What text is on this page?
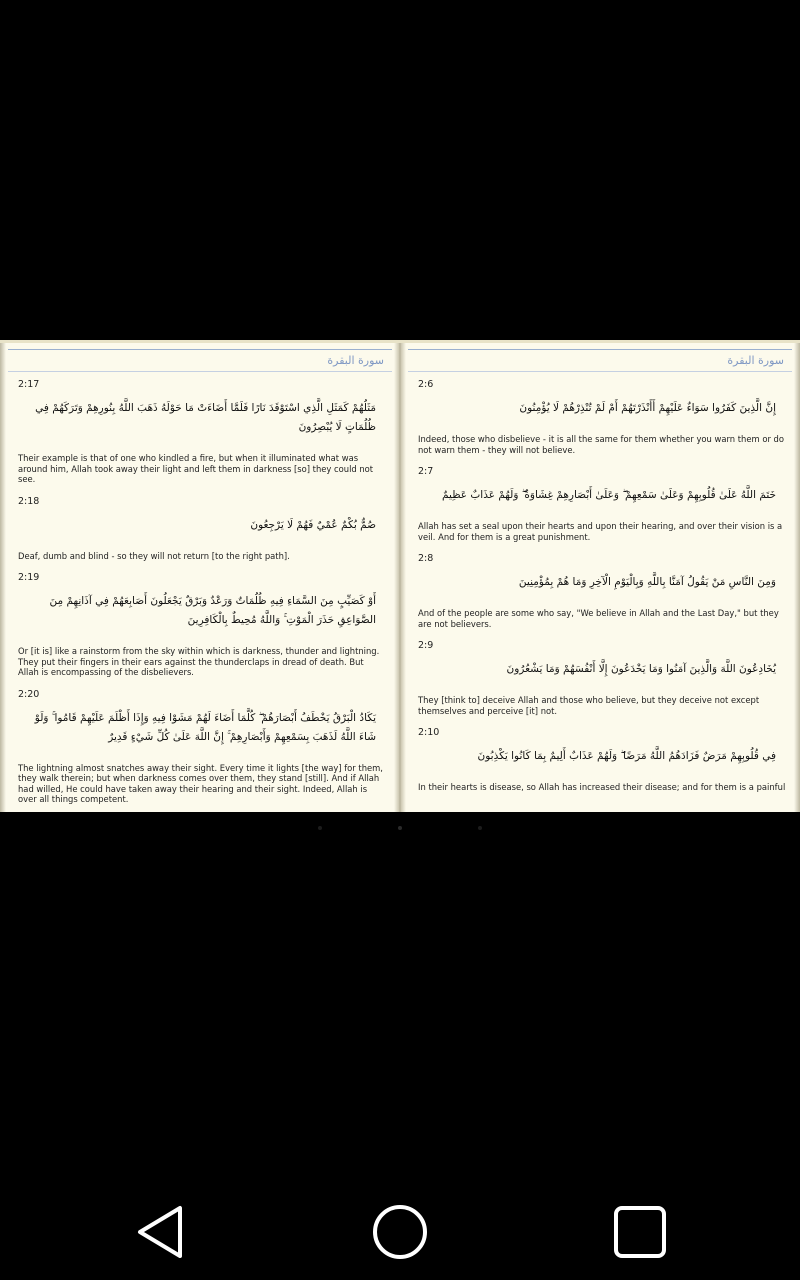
سورة البقرة
2:17
مَثَلُهُمْ كَمَثَلِ الَّذِي اسْتَوْقَدَ نَارًا فَلَمَّا أَضَاءَتْ مَا حَوْلَهُ ذَهَبَ اللَّهُ بِنُورِهِمْ وَتَرَكَهُمْ فِي ظُلُمَاتٍ لَا يُبْصِرُونَ
Their example is that of one who kindled a fire, but when it illuminated what was around him, Allah took away their light and left them in darkness [so] they could not see.
2:18
صُمٌّ بُكْمٌ عُمْيٌ فَهُمْ لَا يَرْجِعُونَ
Deaf, dumb and blind - so they will not return [to the right path].
2:19
أَوْ كَصَيِّبٍ مِنَ السَّمَاءِ فِيهِ ظُلُمَاتٌ وَرَعْدٌ وَبَرْقٌ يَجْعَلُونَ أَصَابِعَهُمْ فِي آذَانِهِمْ مِنَ الصَّوَاعِقِ حَذَرَ الْمَوْتِ ۚ وَاللَّهُ مُحِيطٌ بِالْكَافِرِينَ
Or [it is] like a rainstorm from the sky within which is darkness, thunder and lightning. They put their fingers in their ears against the thunderclaps in dread of death. But Allah is encompassing of the disbelievers.
2:20
يَكَادُ الْبَرْقُ يَخْطَفُ أَبْصَارَهُمْ ۖ كُلَّمَا أَضَاءَ لَهُمْ مَشَوْا فِيهِ وَإِذَا أَظْلَمَ عَلَيْهِمْ قَامُوا ۚ وَلَوْ شَاءَ اللَّهُ لَذَهَبَ بِسَمْعِهِمْ وَأَبْصَارِهِمْ ۚ إِنَّ اللَّهَ عَلَىٰ كُلِّ شَيْءٍ قَدِيرٌ
The lightning almost snatches away their sight. Every time it lights [the way] for them, they walk therein; but when darkness comes over them, they stand [still]. And if Allah had willed, He could have taken away their hearing and their sight. Indeed, Allah is over all things competent.
سورة البقرة
2:6
إِنَّ الَّذِينَ كَفَرُوا سَوَاءٌ عَلَيْهِمْ أَأَنْذَرْتَهُمْ أَمْ لَمْ تُنْذِرْهُمْ لَا يُؤْمِنُونَ
Indeed, those who disbelieve - it is all the same for them whether you warn them or do not warn them - they will not believe.
2:7
خَتَمَ اللَّهُ عَلَىٰ قُلُوبِهِمْ وَعَلَىٰ سَمْعِهِمْ ۖ وَعَلَىٰ أَبْصَارِهِمْ غِشَاوَةٌ ۖ وَلَهُمْ عَذَابٌ عَظِيمٌ
Allah has set a seal upon their hearts and upon their hearing, and over their vision is a veil. And for them is a great punishment.
2:8
وَمِنَ النَّاسِ مَنْ يَقُولُ آمَنَّا بِاللَّهِ وَبِالْيَوْمِ الْآخِرِ وَمَا هُمْ بِمُؤْمِنِينَ
And of the people are some who say, "We believe in Allah and the Last Day," but they are not believers.
2:9
يُخَادِعُونَ اللَّهَ وَالَّذِينَ آمَنُوا وَمَا يَخْدَعُونَ إِلَّا أَنْفُسَهُمْ وَمَا يَشْعُرُونَ
They [think to] deceive Allah and those who believe, but they deceive not except themselves and perceive [it] not.
2:10
فِي قُلُوبِهِمْ مَرَضٌ فَزَادَهُمُ اللَّهُ مَرَضًا ۖ وَلَهُمْ عَذَابٌ أَلِيمٌ بِمَا كَانُوا يَكْذِبُونَ
In their hearts is disease, so Allah has increased their disease; and for them is a painful
